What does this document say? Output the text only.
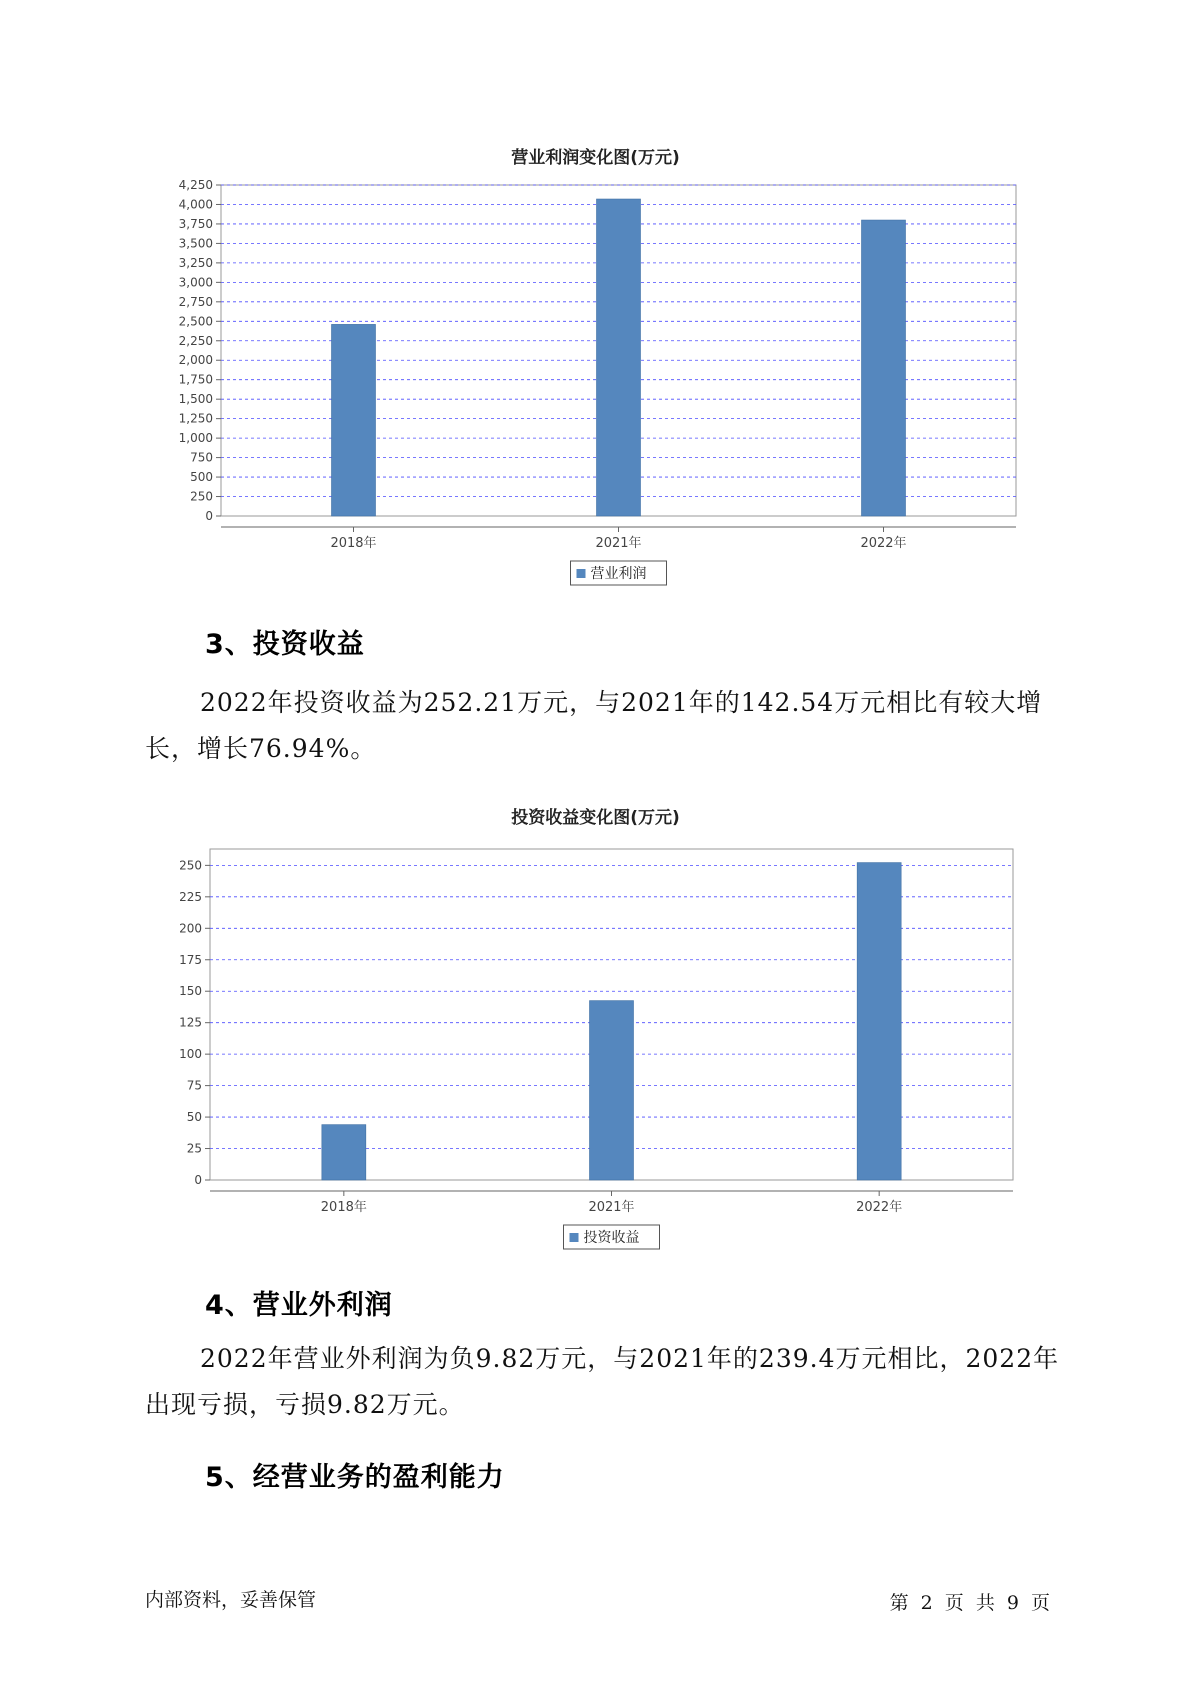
营业利润变化图(万元)
0
250
500
750
1,000
1,250
1,500
1,750
2,000
2,250
2,500
2,750
3,000
3,250
3,500
3,750
4,000
4,250
2018年	2021年	2022年
营业利润
3、投资收益
2022年投资收益为252.21万元，与2021年的142.54万元相比有较大增
长，增长76.94%。
投资收益变化图(万元)
0
25
50
75
100
125
150
175
200
225
250
2018年	2021年	2022年
投资收益
4、营业外利润
2022年营业外利润为负9.82万元，与2021年的239.4万元相比，2022年
出现亏损，亏损9.82万元。
5、经营业务的盈利能力
内部资料，妥善保管	第 2 页 共 9 页
